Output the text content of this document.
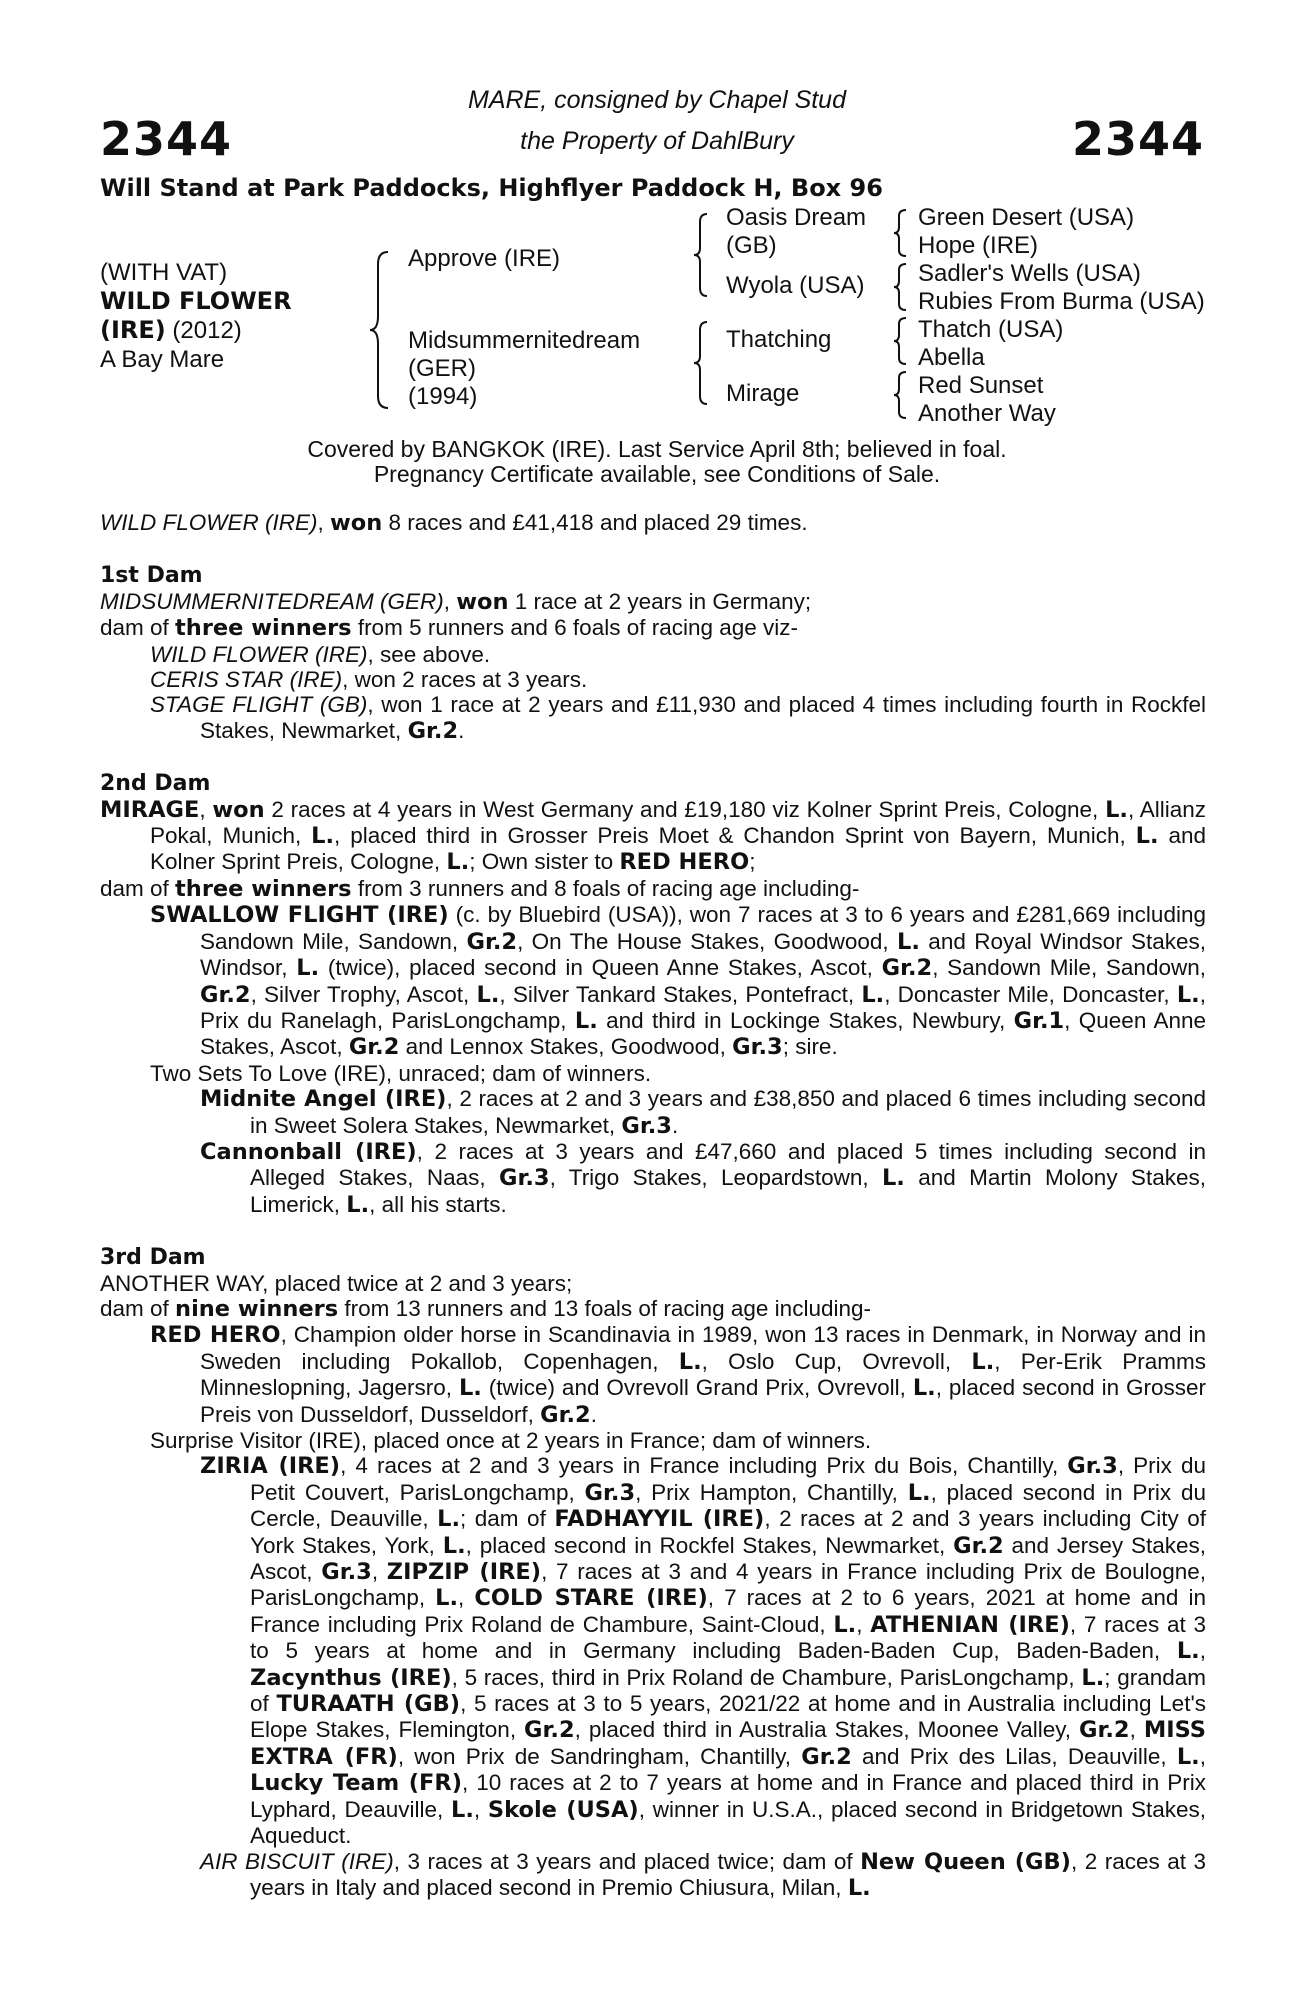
2344	2344
MARE, consigned by Chapel Stud
the Property of DahlBury
Will Stand at Park Paddocks, Highflyer Paddock H, Box 96
(WITH VAT)
WILD FLOWER
(IRE) (2012)
A Bay Mare
Approve (IRE)
Midsummernitedream
(GER)
(1994)
Oasis Dream
(GB)
Wyola (USA)
Thatching
Mirage
Green Desert (USA)
Hope (IRE)
Sadler's Wells (USA)
Rubies From Burma (USA)
Thatch (USA)
Abella
Red Sunset
Another Way
Covered by BANGKOK (IRE). Last Service April 8th; believed in foal.
Pregnancy Certificate available, see Conditions of Sale.

WILD FLOWER (IRE), won 8 races and £41,418 and placed 29 times.

1st Dam

MIDSUMMERNITEDREAM (GER), won 1 race at 2 years in Germany;

dam of three winners from 5 runners and 6 foals of racing age viz-

WILD FLOWER (IRE), see above.

CERIS STAR (IRE), won 2 races at 3 years.

STAGE FLIGHT (GB), won 1 race at 2 years and £11,930 and placed 4 times including fourth in Rockfel Stakes, Newmarket, Gr.2.

2nd Dam

MIRAGE, won 2 races at 4 years in West Germany and £19,180 viz Kolner Sprint Preis, Cologne, L., Allianz Pokal, Munich, L., placed third in Grosser Preis Moet & Chandon Sprint von Bayern, Munich, L. and Kolner Sprint Preis, Cologne, L.; Own sister to RED HERO;

dam of three winners from 3 runners and 8 foals of racing age including-

SWALLOW FLIGHT (IRE) (c. by Bluebird (USA)), won 7 races at 3 to 6 years and £281,669 including Sandown Mile, Sandown, Gr.2, On The House Stakes, Goodwood, L. and Royal Windsor Stakes, Windsor, L. (twice), placed second in Queen Anne Stakes, Ascot, Gr.2, Sandown Mile, Sandown, Gr.2, Silver Trophy, Ascot, L., Silver Tankard Stakes, Pontefract, L., Doncaster Mile, Doncaster, L., Prix du Ranelagh, ParisLongchamp, L. and third in Lockinge Stakes, Newbury, Gr.1, Queen Anne Stakes, Ascot, Gr.2 and Lennox Stakes, Goodwood, Gr.3; sire.

Two Sets To Love (IRE), unraced; dam of winners.

Midnite Angel (IRE), 2 races at 2 and 3 years and £38,850 and placed 6 times including second in Sweet Solera Stakes, Newmarket, Gr.3.

Cannonball (IRE), 2 races at 3 years and £47,660 and placed 5 times including second in Alleged Stakes, Naas, Gr.3, Trigo Stakes, Leopardstown, L. and Martin Molony Stakes, Limerick, L., all his starts.

3rd Dam

ANOTHER WAY, placed twice at 2 and 3 years;

dam of nine winners from 13 runners and 13 foals of racing age including-

RED HERO, Champion older horse in Scandinavia in 1989, won 13 races in Denmark, in Norway and in Sweden including Pokallob, Copenhagen, L., Oslo Cup, Ovrevoll, L., Per-Erik Pramms Minneslopning, Jagersro, L. (twice) and Ovrevoll Grand Prix, Ovrevoll, L., placed second in Grosser Preis von Dusseldorf, Dusseldorf, Gr.2.

Surprise Visitor (IRE), placed once at 2 years in France; dam of winners.

ZIRIA (IRE), 4 races at 2 and 3 years in France including Prix du Bois, Chantilly, Gr.3, Prix du Petit Couvert, ParisLongchamp, Gr.3, Prix Hampton, Chantilly, L., placed second in Prix du Cercle, Deauville, L.; dam of FADHAYYIL (IRE), 2 races at 2 and 3 years including City of York Stakes, York, L., placed second in Rockfel Stakes, Newmarket, Gr.2 and Jersey Stakes, Ascot, Gr.3, ZIPZIP (IRE), 7 races at 3 and 4 years in France including Prix de Boulogne, ParisLongchamp, L., COLD STARE (IRE), 7 races at 2 to 6 years, 2021 at home and in France including Prix Roland de Chambure, Saint-Cloud, L., ATHENIAN (IRE), 7 races at 3 to 5 years at home and in Germany including Baden-Baden Cup, Baden-Baden, L., Zacynthus (IRE), 5 races, third in Prix Roland de Chambure, ParisLongchamp, L.; grandam of TURAATH (GB), 5 races at 3 to 5 years, 2021/22 at home and in Australia including Let's Elope Stakes, Flemington, Gr.2, placed third in Australia Stakes, Moonee Valley, Gr.2, MISS EXTRA (FR), won Prix de Sandringham, Chantilly, Gr.2 and Prix des Lilas, Deauville, L., Lucky Team (FR), 10 races at 2 to 7 years at home and in France and placed third in Prix Lyphard, Deauville, L., Skole (USA), winner in U.S.A., placed second in Bridgetown Stakes, Aqueduct.

AIR BISCUIT (IRE), 3 races at 3 years and placed twice; dam of New Queen (GB), 2 races at 3 years in Italy and placed second in Premio Chiusura, Milan, L.
